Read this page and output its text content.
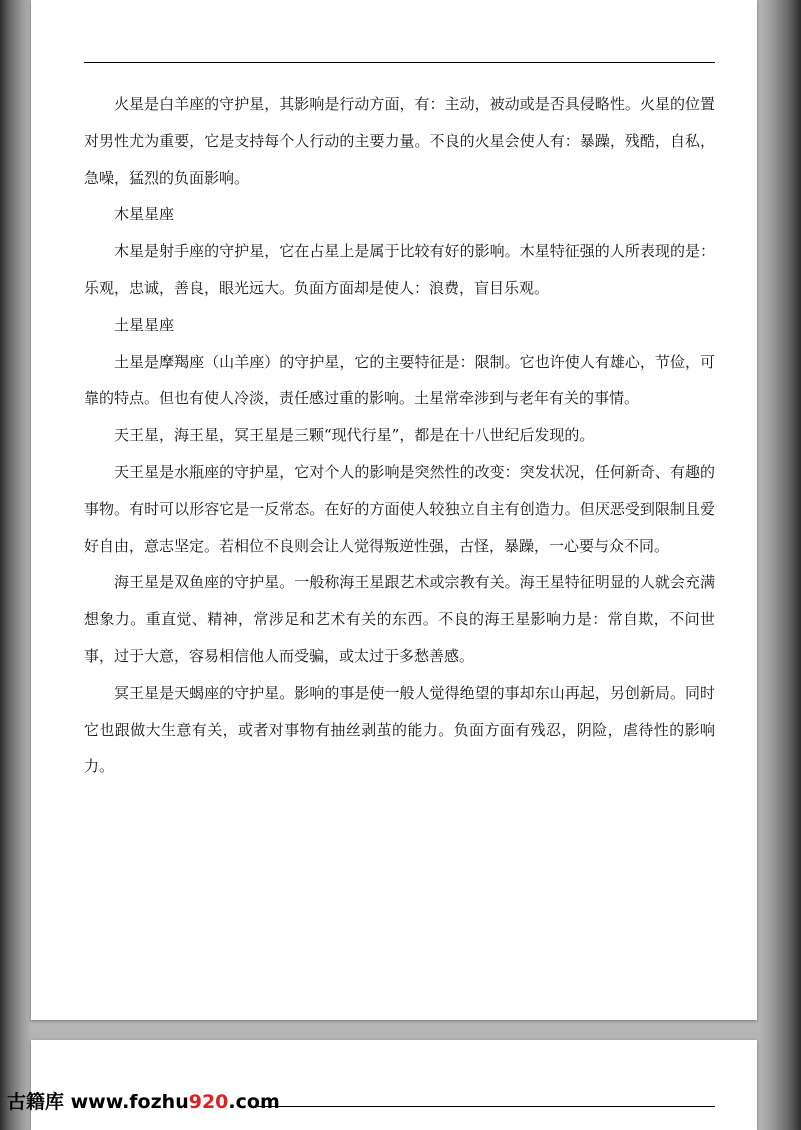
火星是白羊座的守护星，其影响是行动方面，有：主动，被动或是否具侵略性。火星的位置对男性尤为重要，它是支持每个人行动的主要力量。不良的火星会使人有：暴躁，残酷，自私，急噪，猛烈的负面影响。

木星星座

木星是射手座的守护星，它在占星上是属于比较有好的影响。木星特征强的人所表现的是：乐观，忠诚，善良，眼光远大。负面方面却是使人：浪费，盲目乐观。

土星星座

土星是摩羯座（山羊座）的守护星，它的主要特征是：限制。它也许使人有雄心，节俭，可靠的特点。但也有使人冷淡，责任感过重的影响。土星常牵涉到与老年有关的事情。

天王星，海王星，冥王星是三颗“现代行星”，都是在十八世纪后发现的。

天王星是水瓶座的守护星，它对个人的影响是突然性的改变：突发状况，任何新奇、有趣的事物。有时可以形容它是一反常态。在好的方面使人较独立自主有创造力。但厌恶受到限制且爱好自由，意志坚定。若相位不良则会让人觉得叛逆性强，古怪，暴躁，一心要与众不同。

海王星是双鱼座的守护星。一般称海王星跟艺术或宗教有关。海王星特征明显的人就会充满想象力。重直觉、精神，常涉足和艺术有关的东西。不良的海王星影响力是：常自欺，不问世事，过于大意，容易相信他人而受骗，或太过于多愁善感。

冥王星是天蝎座的守护星。影响的事是使一般人觉得绝望的事却东山再起，另创新局。同时它也跟做大生意有关，或者对事物有抽丝剥茧的能力。负面方面有残忍，阴险，虐待性的影响力。

古籍库 www.fozhu920.com
